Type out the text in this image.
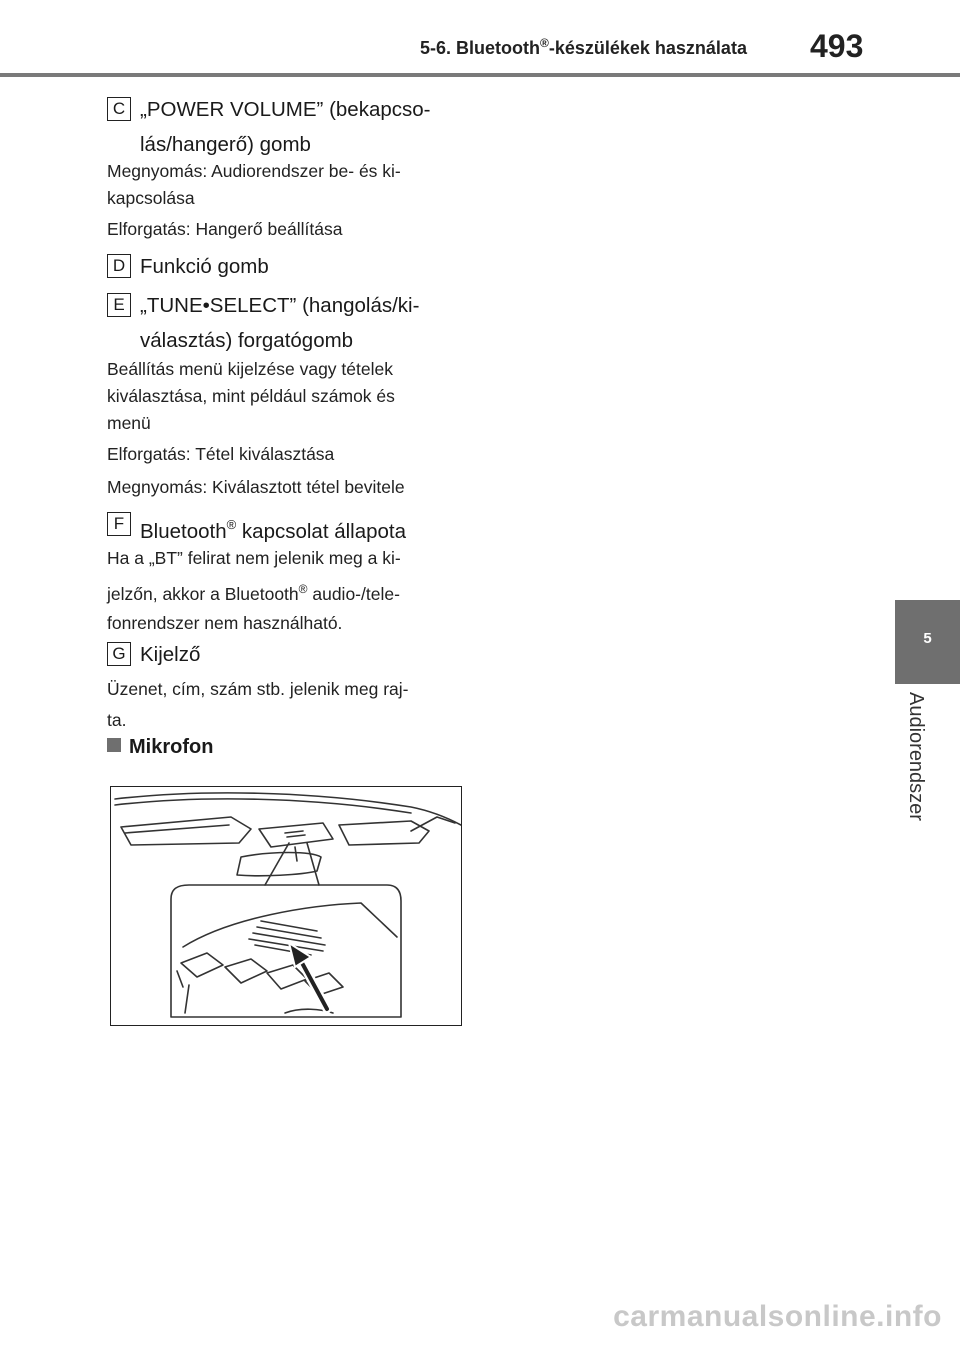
5-6. Bluetooth®-készülékek használata	493
5
Audiorendszer
C „POWER VOLUME” (bekapcso-
lás/hangerő) gomb
Megnyomás: Audiorendszer be- és ki-
kapcsolása
Elforgatás: Hangerő beállítása
D Funkció gomb
E „TUNE•SELECT” (hangolás/ki-
választás) forgatógomb
Beállítás menü kijelzése vagy tételek
kiválasztása, mint például számok és
menü
Elforgatás: Tétel kiválasztása
Megnyomás: Kiválasztott tétel bevitele
F Bluetooth® kapcsolat állapota
Ha a „BT” felirat nem jelenik meg a ki-
jelzőn, akkor a Bluetooth® audio-/tele-
fonrendszer nem használható.
G Kijelző
Üzenet, cím, szám stb. jelenik meg raj-
ta.
Mikrofon
carmanualsonline.info
